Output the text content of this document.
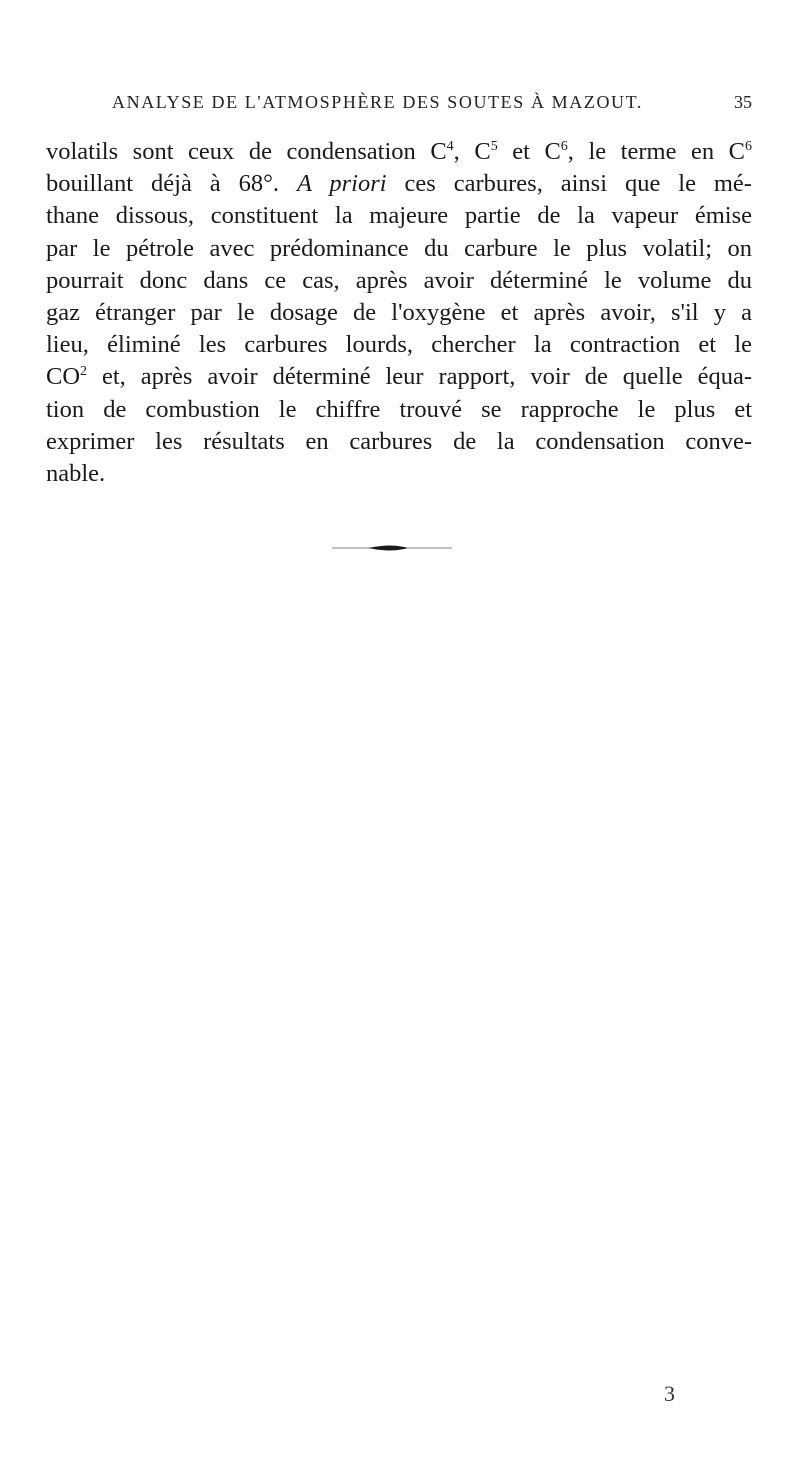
ANALYSE DE L'ATMOSPHÈRE DES SOUTES À MAZOUT.	35
volatils sont ceux de condensation $C^4$, $C^5$ et $C^6$, le terme en $C^6$
bouillant déjà à 68°. A priori ces carbures, ainsi que le mé-
thane dissous, constituent la majeure partie de la vapeur émise
par le pétrole avec prédominance du carbure le plus volatil; on
pourrait donc dans ce cas, après avoir déterminé le volume du
gaz étranger par le dosage de l'oxygène et après avoir, s'il y a
lieu, éliminé les carbures lourds, chercher la contraction et le
$CO^2$ et, après avoir déterminé leur rapport, voir de quelle équa-
tion de combustion le chiffre trouvé se rapproche le plus et
exprimer les résultats en carbures de la condensation conve-
nable.
3
